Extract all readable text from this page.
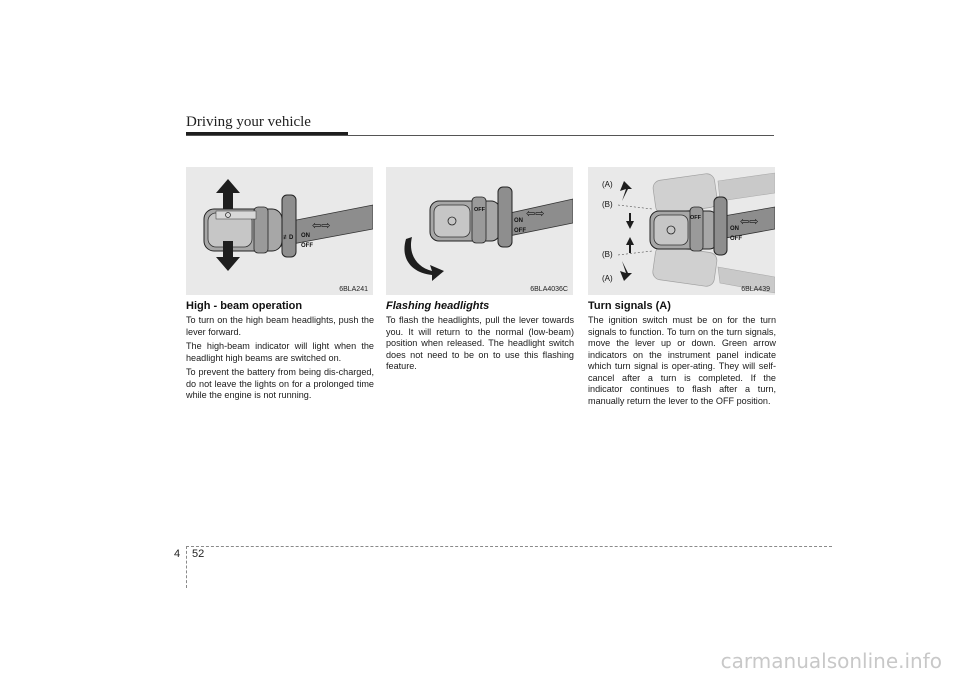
Driving your vehicle
≢D ON
OFF
⇦⇨
6BLA241
OFF
ON
OFF
⇦⇨
6BLA4036C
OFF
ON
OFF
⇦⇨
(A)
(B)
(B)
(A)
6BLA439

High - beam operation

To turn on the high beam headlights, push the lever forward.

The high-beam indicator will light when the headlight high beams are switched on.

To prevent the battery from being dis-charged, do not leave the lights on for a prolonged time while the engine is not running.

Flashing headlights

To flash the headlights, pull the lever towards you. It will return to the normal (low-beam) position when released. The headlight switch does not need to be on to use this flashing feature.

Turn signals (A)

The ignition switch must be on for the turn signals to function. To turn on the turn signals, move the lever up or down. Green arrow indicators on the instrument panel indicate which turn signal is oper-ating. They will self-cancel after a turn is completed. If the indicator continues to flash after a turn, manually return the lever to the OFF position.

4 52
carmanualsonline.info
